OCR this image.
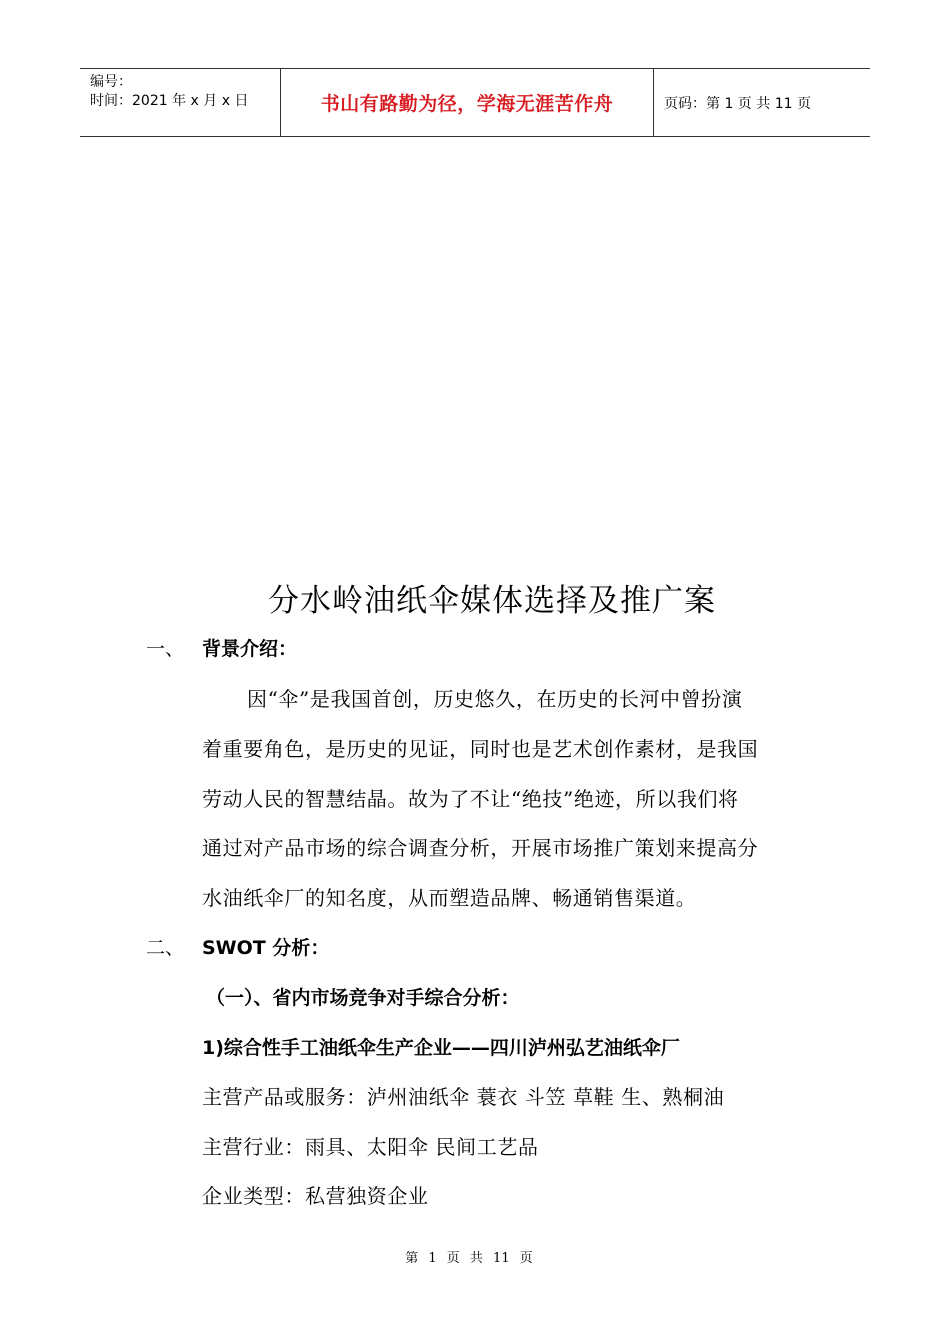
编号：
时间：2021 年 x 月 x 日	书山有路勤为径，学海无涯苦作舟	页码：第 1 页 共 11 页
分水岭油纸伞媒体选择及推广案
一、 背景介绍：
因“伞”是我国首创，历史悠久，在历史的长河中曾扮演
着重要角色，是历史的见证，同时也是艺术创作素材，是我国
劳动人民的智慧结晶。故为了不让“绝技”绝迹，所以我们将
通过对产品市场的综合调查分析，开展市场推广策划来提高分
水油纸伞厂的知名度，从而塑造品牌、畅通销售渠道。
二、 SWOT 分析：
（一）、省内市场竞争对手综合分析：
1)综合性手工油纸伞生产企业——四川泸州弘艺油纸伞厂
主营产品或服务：泸州油纸伞 蓑衣 斗笠 草鞋 生、熟桐油
主营行业：雨具、太阳伞 民间工艺品
企业类型：私营独资企业
第 1 页 共 11 页
